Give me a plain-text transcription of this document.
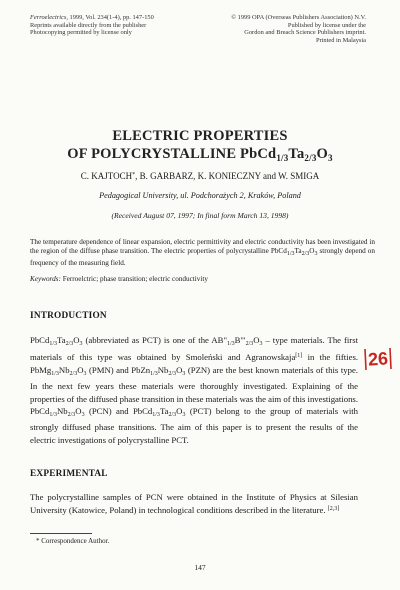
Ferroelectrics, 1999, Vol. 234(1-4), pp. 147-150
Reprints available directly from the publisher
Photocopying permitted by license only
© 1999 OPA (Overseas Publishers Association) N.V.
Published by license under the
Gordon and Breach Science Publishers imprint.
Printed in Malaysia
ELECTRIC PROPERTIES
OF POLYCRYSTALLINE $PbCd_{1/3}Ta_{2/3}O_3$
C. KAJTOCH*, B. GARBARZ, K. KONIECZNY and W. SMIGA
Pedagogical University, ul. Podchorażych 2, Kraków, Poland
(Received August 07, 1997; In final form March 13, 1998)
The temperature dependence of linear expansion, electric permittivity and electric conductivity has been investigated in the region of the diffuse phase transition. The electric properties of polycrystalline $PbCd_{1/3}Ta_{2/3}O_3$ strongly depend on frequency of the measuring field.
Keywords: Ferroelctric; phase transition; electric conductivity
INTRODUCTION
$PbCd_{1/3}Ta_{2/3}O_3$ (abbreviated as PCT) is one of the $AB"_{1/3}B'"_{2/3}O_3$ – type materials. The first materials of this type was obtained by Smoleński and Agranowskaja[1] in the fifties. $PbMg_{1/3}Nb_{2/3}O_3$ (PMN) and $PbZn_{1/3}Nb_{2/3}O_3$ (PZN) are the best known materials of this type. In the next few years these materials were thoroughly investigated. Explaining of the properties of the diffused phase transition in these materials was the aim of this investigations. $PbCd_{1/3}Nb_{2/3}O_3$ (PCN) and $PbCd_{1/3}Ta_{2/3}O_3$ (PCT) belong to the group of materials with strongly diffused phase transitions. The aim of this paper is to present the results of the electric investigations of polycrystalline PCT.
26
EXPERIMENTAL
The polycrystalline samples of PCN were obtained in the Institute of Physics at Silesian University (Katowice, Poland) in technological conditions described in the literature. [2,3]
* Correspondence Author.
147
